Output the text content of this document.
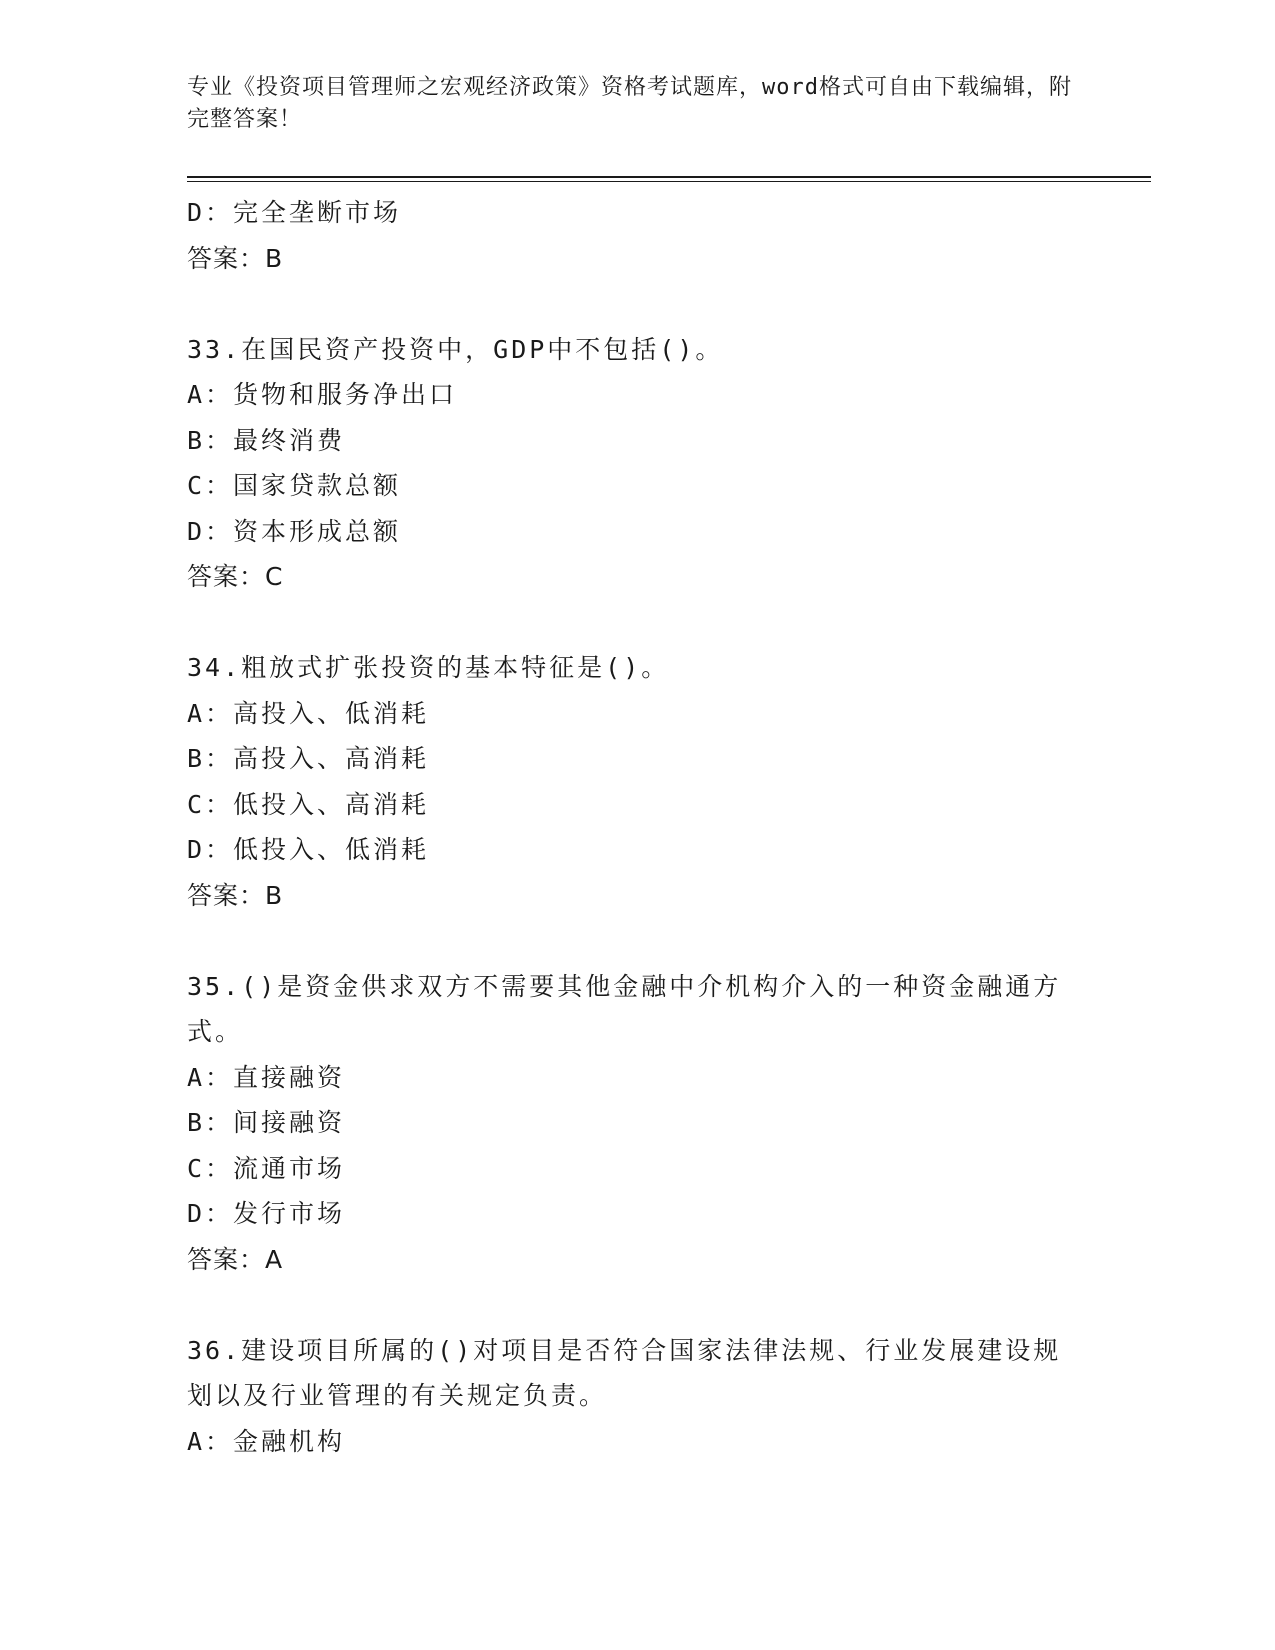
专业《投资项目管理师之宏观经济政策》资格考试题库，word格式可自由下载编辑，附完整答案！
D：完全垄断市场
答案：B
33.在国民资产投资中，GDP中不包括()。
A：货物和服务净出口
B：最终消费
C：国家贷款总额
D：资本形成总额
答案：C
34.粗放式扩张投资的基本特征是()。
A：高投入、低消耗
B：高投入、高消耗
C：低投入、高消耗
D：低投入、低消耗
答案：B
35.()是资金供求双方不需要其他金融中介机构介入的一种资金融通方式。
A：直接融资
B：间接融资
C：流通市场
D：发行市场
答案：A
36.建设项目所属的()对项目是否符合国家法律法规、行业发展建设规划以及行业管理的有关规定负责。
A：金融机构
